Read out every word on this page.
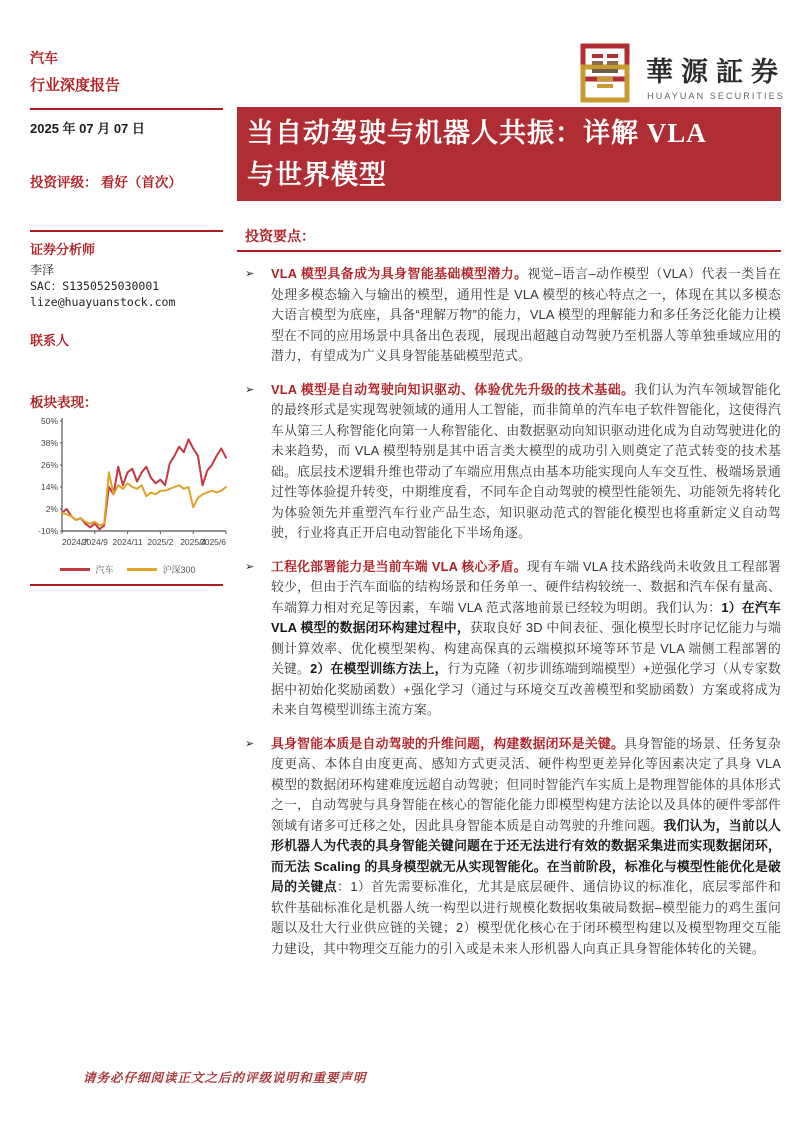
汽车
行业深度报告
2025 年 07 月 07 日
投资评级： 看好（首次）
证券分析师
李泽
SAC：S1350525030001
lize@huayuanstock.com
联系人
板块表现：
50%
38%
26%
14%
2%
-10%
2024/7
2024/9 2024/11 2025/2 2025/4
2025/6
汽车	沪深300
華源証券
HUAYUAN SECURITIES
当自动驾驶与机器人共振：详解 VLA
与世界模型
投资要点：
➢	VLA 模型具备成为具身智能基础模型潜力。视觉–语言–动作模型（VLA）代表一类旨在处理多模态输入与输出的模型，通用性是 VLA 模型的核心特点之一，体现在其以多模态大语言模型为底座，具备“理解万物”的能力，VLA 模型的理解能力和多任务泛化能力让模型在不同的应用场景中具备出色表现，展现出超越自动驾驶乃至机器人等单独垂域应用的潜力，有望成为广义具身智能基础模型范式。
➢	VLA 模型是自动驾驶向知识驱动、体验优先升级的技术基础。我们认为汽车领域智能化的最终形式是实现驾驶领域的通用人工智能，而非简单的汽车电子软件智能化，这使得汽车从第三人称智能化向第一人称智能化、由数据驱动向知识驱动进化成为自动驾驶进化的未来趋势，而 VLA 模型特别是其中语言类大模型的成功引入则奠定了范式转变的技术基础。底层技术逻辑升维也带动了车端应用焦点由基本功能实现向人车交互性、极端场景通过性等体验提升转变，中期维度看，不同车企自动驾驶的模型性能领先、功能领先将转化为体验领先并重塑汽车行业产品生态，知识驱动范式的智能化模型也将重新定义自动驾驶，行业将真正开启电动智能化下半场角逐。
➢	工程化部署能力是当前车端 VLA 核心矛盾。现有车端 VLA 技术路线尚未收敛且工程部署较少，但由于汽车面临的结构场景和任务单一、硬件结构较统一、数据和汽车保有量高、车端算力相对充足等因素，车端 VLA 范式落地前景已经较为明朗。我们认为：1）在汽车 VLA 模型的数据闭环构建过程中，获取良好 3D 中间表征、强化模型长时序记忆能力与端侧计算效率、优化模型架构、构建高保真的云端模拟环境等环节是 VLA 端侧工程部署的关键。2）在模型训练方法上，行为克隆（初步训练端到端模型）+逆强化学习（从专家数据中初始化奖励函数）+强化学习（通过与环境交互改善模型和奖励函数）方案或将成为未来自驾模型训练主流方案。
➢	具身智能本质是自动驾驶的升维问题，构建数据闭环是关键。具身智能的场景、任务复杂度更高、本体自由度更高、感知方式更灵活、硬件构型更差异化等因素决定了具身 VLA 模型的数据闭环构建难度远超自动驾驶；但同时智能汽车实质上是物理智能体的具体形式之一，自动驾驶与具身智能在核心的智能化能力即模型构建方法论以及具体的硬件零部件领域有诸多可迁移之处，因此具身智能本质是自动驾驶的升维问题。我们认为，当前以人形机器人为代表的具身智能关键问题在于还无法进行有效的数据采集进而实现数据闭环，而无法 Scaling 的具身模型就无从实现智能化。在当前阶段，标准化与模型性能优化是破局的关键点：1）首先需要标准化，尤其是底层硬件、通信协议的标准化，底层零部件和软件基础标准化是机器人统一构型以进行规模化数据收集破局数据–模型能力的鸡生蛋问题以及壮大行业供应链的关键；2）模型优化核心在于闭环模型构建以及模型物理交互能力建设，其中物理交互能力的引入或是未来人形机器人向真正具身智能体转化的关键。
请务必仔细阅读正文之后的评级说明和重要声明
